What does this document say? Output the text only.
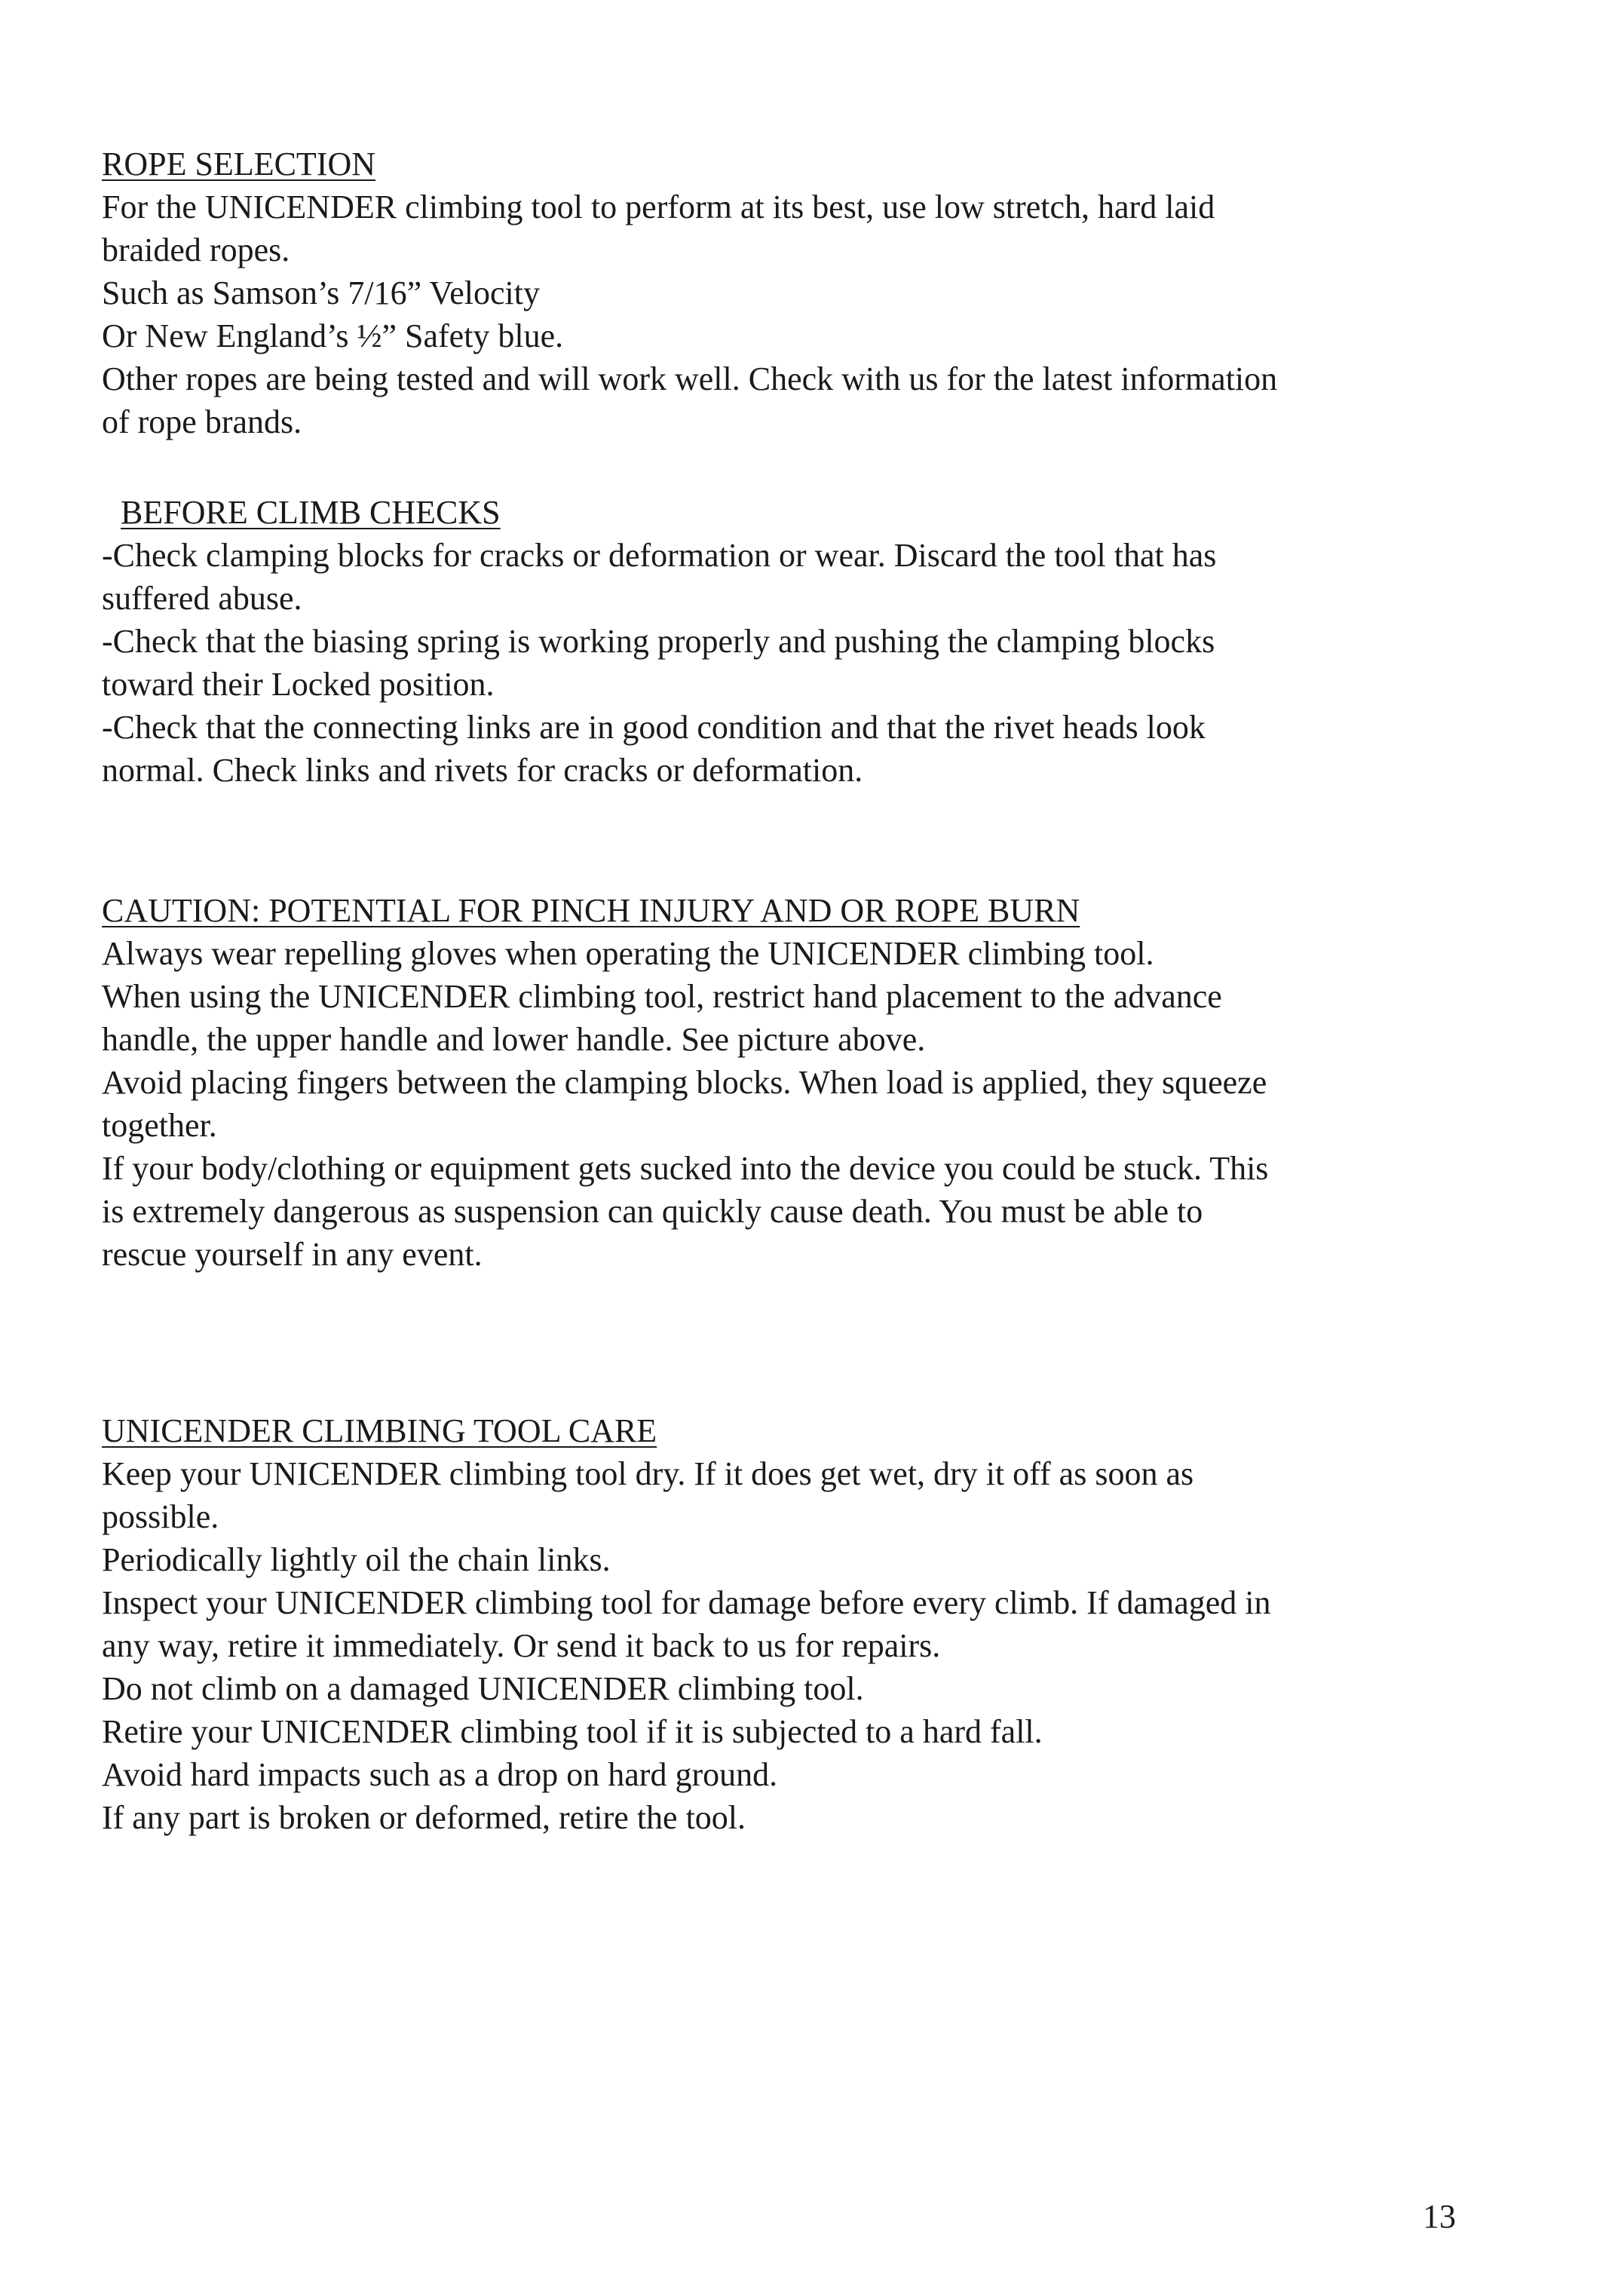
ROPE SELECTION

For the UNICENDER climbing tool to perform at its best, use low stretch, hard laid

braided ropes.

Such as Samson’s 7/16” Velocity

Or New England’s ½” Safety blue.

Other ropes are being tested and will work well. Check with us for the latest information

of rope brands.

BEFORE CLIMB CHECKS

-Check clamping blocks for cracks or deformation or wear. Discard the tool that has

suffered abuse.

-Check that the biasing spring is working properly and pushing the clamping blocks

toward their Locked position.

-Check that the connecting links are in good condition and that the rivet heads look

normal. Check links and rivets for cracks or deformation.

CAUTION: POTENTIAL FOR PINCH INJURY AND OR ROPE BURN

Always wear repelling gloves when operating the UNICENDER climbing tool.

When using the UNICENDER climbing tool, restrict hand placement to the advance

handle, the upper handle and lower handle. See picture above.

Avoid placing fingers between the clamping blocks. When load is applied, they squeeze

together.

If your body/clothing or equipment gets sucked into the device you could be stuck. This

is extremely dangerous as suspension can quickly cause death. You must be able to

rescue yourself in any event.

UNICENDER CLIMBING TOOL CARE

Keep your UNICENDER climbing tool dry. If it does get wet, dry it off as soon as

possible.

Periodically lightly oil the chain links.

Inspect your UNICENDER climbing tool for damage before every climb. If damaged in

any way, retire it immediately. Or send it back to us for repairs.

Do not climb on a damaged UNICENDER climbing tool.

Retire your UNICENDER climbing tool if it is subjected to a hard fall.

Avoid hard impacts such as a drop on hard ground.

If any part is broken or deformed, retire the tool.

13
